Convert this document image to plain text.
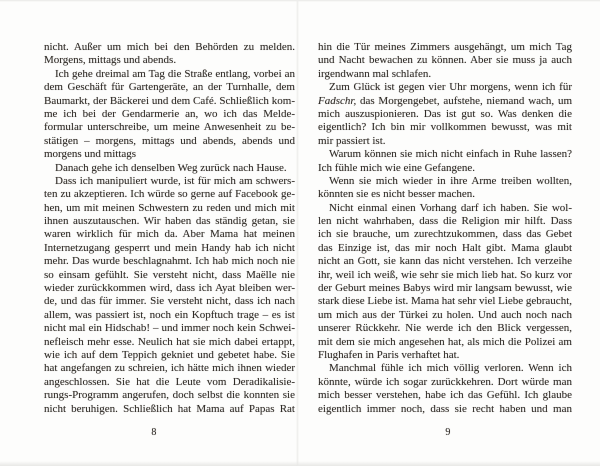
nicht. Außer um mich bei den Behörden zu melden.
Morgens, mittags und abends.
Ich gehe dreimal am Tag die Straße entlang, vorbei an
dem Geschäft für Gartengeräte, an der Turnhalle, dem
Baumarkt, der Bäckerei und dem Café. Schließlich kom-
me ich bei der Gendarmerie an, wo ich das Melde-
formular unterschreibe, um meine Anwesenheit zu be-
stätigen – morgens, mittags und abends, abends und
morgens und mittags
Danach gehe ich denselben Weg zurück nach Hause.
Dass ich manipuliert wurde, ist für mich am schwers-
ten zu akzeptieren. Ich würde so gerne auf Facebook ge-
hen, um mit meinen Schwestern zu reden und mich mit
ihnen auszutauschen. Wir haben das ständig getan, sie
waren wirklich für mich da. Aber Mama hat meinen
Internetzugang gesperrt und mein Handy hab ich nicht
mehr. Das wurde beschlagnahmt. Ich hab mich noch nie
so einsam gefühlt. Sie versteht nicht, dass Maëlle nie
wieder zurückkommen wird, dass ich Ayat bleiben wer-
de, und das für immer. Sie versteht nicht, dass ich nach
allem, was passiert ist, noch ein Kopftuch trage – es ist
nicht mal ein Hidschab! – und immer noch kein Schwei-
nefleisch mehr esse. Neulich hat sie mich dabei ertappt,
wie ich auf dem Teppich gekniet und gebetet habe. Sie
hat angefangen zu schreien, ich hätte mich ihnen wieder
angeschlossen. Sie hat die Leute vom Deradikalisie-
rungs-Programm angerufen, doch selbst die konnten sie
nicht beruhigen. Schließlich hat Mama auf Papas Rat
8
hin die Tür meines Zimmers ausgehängt, um mich Tag
und Nacht bewachen zu können. Aber sie muss ja auch
irgendwann mal schlafen.
Zum Glück ist gegen vier Uhr morgens, wenn ich für
Fadschr, das Morgengebet, aufstehe, niemand wach, um
mich auszuspionieren. Das ist gut so. Was denken die
eigentlich? Ich bin mir vollkommen bewusst, was mit
mir passiert ist.
Warum können sie mich nicht einfach in Ruhe lassen?
Ich fühle mich wie eine Gefangene.
Wenn sie mich wieder in ihre Arme treiben wollten,
könnten sie es nicht besser machen.
Nicht einmal einen Vorhang darf ich haben. Sie wol-
len nicht wahrhaben, dass die Religion mir hilft. Dass
ich sie brauche, um zurechtzukommen, dass das Gebet
das Einzige ist, das mir noch Halt gibt. Mama glaubt
nicht an Gott, sie kann das nicht verstehen. Ich verzeihe
ihr, weil ich weiß, wie sehr sie mich lieb hat. So kurz vor
der Geburt meines Babys wird mir langsam bewusst, wie
stark diese Liebe ist. Mama hat sehr viel Liebe gebraucht,
um mich aus der Türkei zu holen. Und auch noch nach
unserer Rückkehr. Nie werde ich den Blick vergessen,
mit dem sie mich angesehen hat, als mich die Polizei am
Flughafen in Paris verhaftet hat.
Manchmal fühle ich mich völlig verloren. Wenn ich
könnte, würde ich sogar zurückkehren. Dort würde man
mich besser verstehen, habe ich das Gefühl. Ich glaube
eigentlich immer noch, dass sie recht haben und man
9
